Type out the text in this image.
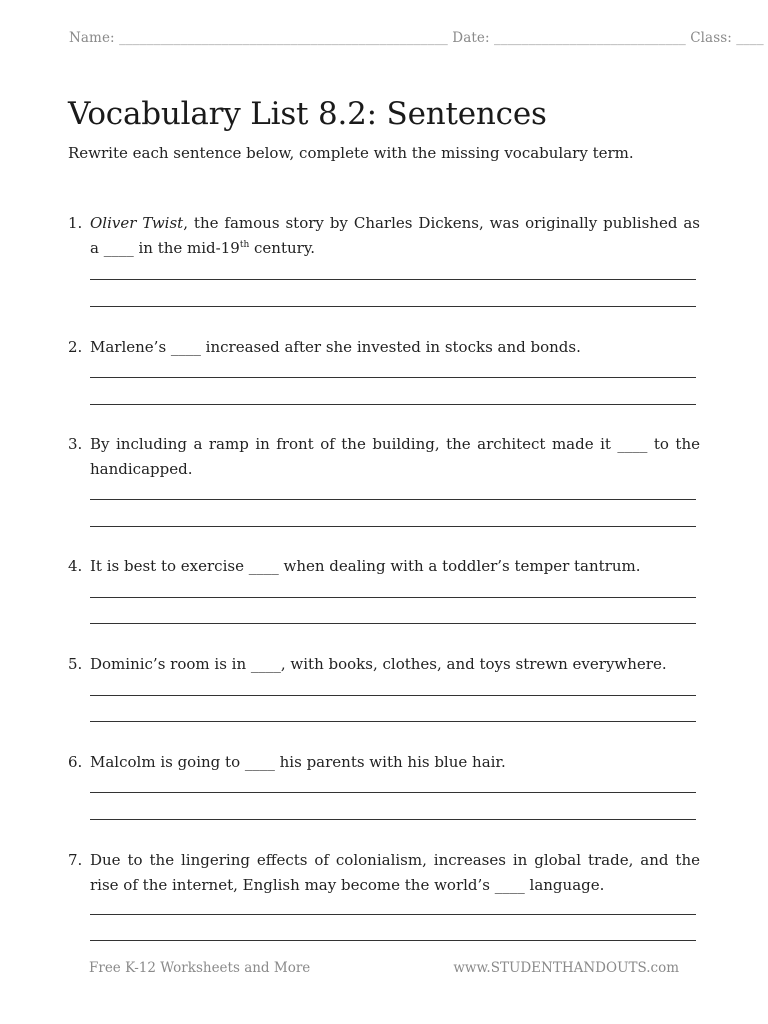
Name: ________________________________________________ Date: ____________________________ Class: ____
Vocabulary List 8.2: Sentences
Rewrite each sentence below, complete with the missing vocabulary term.
1. Oliver Twist, the famous story by Charles Dickens, was originally published as a ____ in the mid-19th century.
2. Marlene’s ____ increased after she invested in stocks and bonds.
3. By including a ramp in front of the building, the architect made it ____ to the handicapped.
4. It is best to exercise ____ when dealing with a toddler’s temper tantrum.
5. Dominic’s room is in ____, with books, clothes, and toys strewn everywhere.
6. Malcolm is going to ____ his parents with his blue hair.
7. Due to the lingering effects of colonialism, increases in global trade, and the rise of the internet, English may become the world’s ____ language.
Free K-12 Worksheets and More	www.STUDENTHANDOUTS.com
